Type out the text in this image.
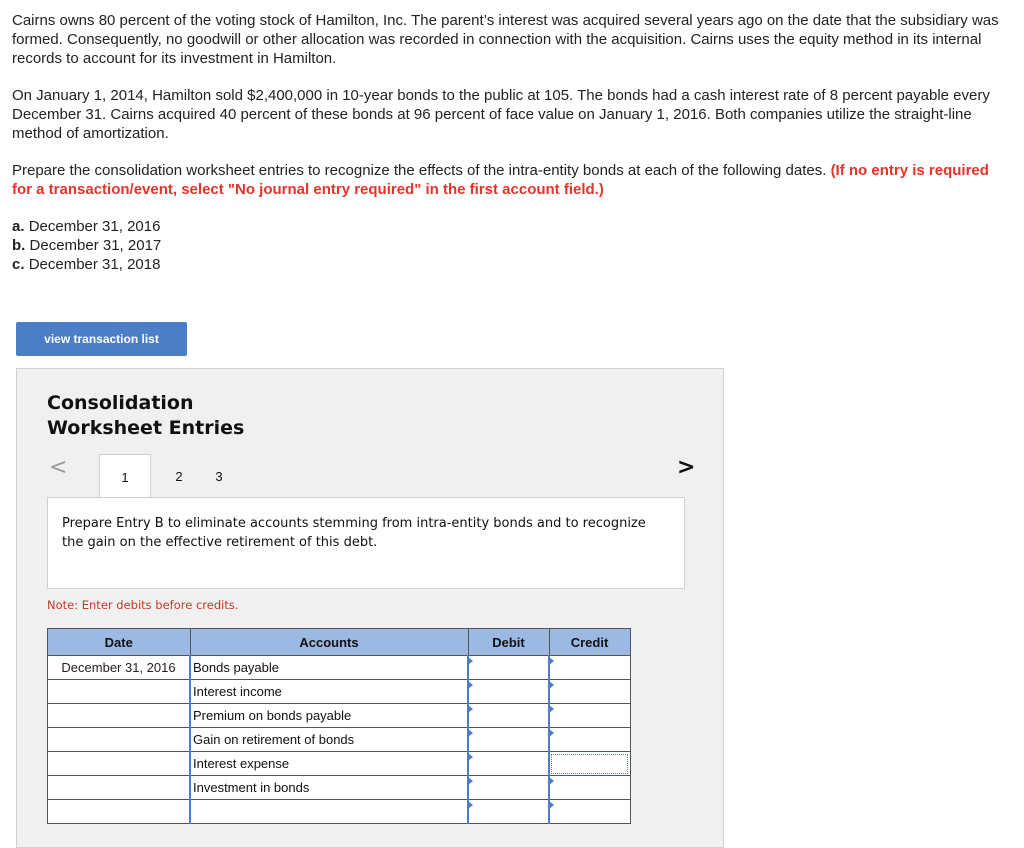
Cairns owns 80 percent of the voting stock of Hamilton, Inc. The parent’s interest was acquired several years ago on the date that the subsidiary was formed. Consequently, no goodwill or other allocation was recorded in connection with the acquisition. Cairns uses the equity method in its internal records to account for its investment in Hamilton.

On January 1, 2014, Hamilton sold $2,400,000 in 10-year bonds to the public at 105. The bonds had a cash interest rate of 8 percent payable every December 31. Cairns acquired 40 percent of these bonds at 96 percent of face value on January 1, 2016. Both companies utilize the straight-line method of amortization.

Prepare the consolidation worksheet entries to recognize the effects of the intra-entity bonds at each of the following dates. (If no entry is required for a transaction/event, select "No journal entry required" in the first account field.)

a. December 31, 2016
b. December 31, 2017
c. December 31, 2018
view transaction list
Consolidation
Worksheet Entries
<	1	2	3	>
Prepare Entry B to eliminate accounts stemming from intra-entity bonds and to recognize the gain on the effective retirement of this debt.
Note: Enter debits before credits.
Date	Accounts	Debit	Credit
December 31, 2016	Bonds payable	

	Interest income	

	Premium on bonds payable	

	Gain on retirement of bonds	

	Interest expense	

	Investment in bonds	
